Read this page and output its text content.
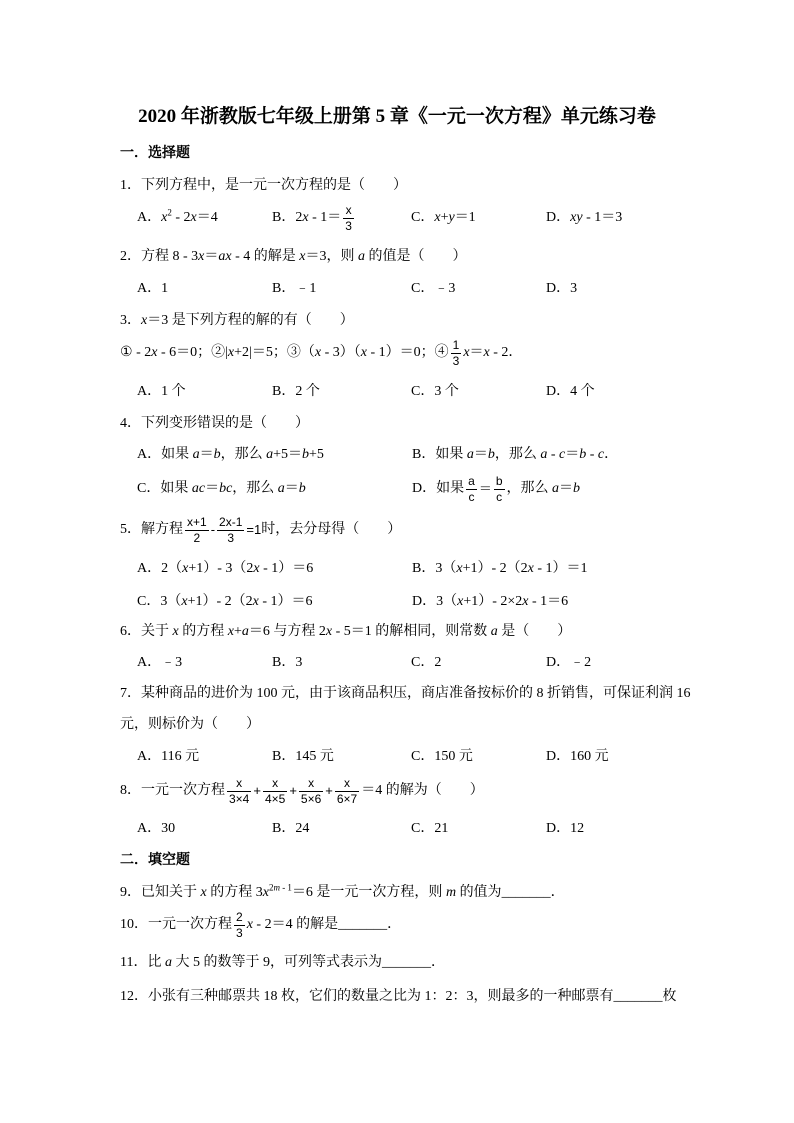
2020 年浙教版七年级上册第 5 章《一元一次方程》单元练习卷
一．选择题
1．下列方程中，是一元一次方程的是（　　）
A． $x^2 - 2$ x ＝4	B．2 $x - 1= \frac{x}{3}$	C． x + y ＝1	D． xy - 1＝3
2．方程 8 - 3 x ＝ ax - 4 的解是 x ＝3，则 a 的值是（　　）
A．1	B．﹣1	C．﹣3	D．3
3． x ＝3 是下列方程的解的有（　　）
① - 2 x - 6＝0；②| x +2|＝5；③（ x - 3）（ x - 1）＝0；④ $\frac{1}{3}$ x ＝ x - 2．
A．1 个	B．2 个	C．3 个	D．4 个
4．下列变形错误的是（　　）
A．如果 a ＝ b ，那么 a +5＝ b +5	B．如果 a ＝ b ，那么 a - c ＝ b - c ．
C．如果 ac ＝ bc ，那么 a ＝ b	D．如果 $\frac{a}{c} = \frac{b}{c}$ ，那么 a ＝ b
5．解方程 $\frac{x+1}{2} - \frac{2x-1}{3} =1$ 时，去分母得（　　）
A．2（ x +1）- 3（2 x - 1）＝6	B．3（ x +1）- 2（2 x - 1）＝1
C．3（ x +1）- 2（2 x - 1）＝6	D．3（ x +1）- 2×2 x - 1＝6
6．关于 x 的方程 x + a ＝6 与方程 2 x - 5＝1 的解相同，则常数 a 是（　　）
A．﹣3	B．3	C．2	D．﹣2
7．某种商品的进价为 100 元，由于该商品积压，商店准备按标价的 8 折销售，可保证利润 16
元，则标价为（　　）
A．116 元	B．145 元	C．150 元	D．160 元
8．一元一次方程 $\frac{x}{3\times 4} + \frac{x}{4\times 5} + \frac{x}{5\times 6} + \frac{x}{6\times 7} =4$ 的解为（　　）
A．30	B．24	C．21	D．12
二．填空题
9．已知关于 x 的方程 3 $x^{2m - 1} =6$ 是一元一次方程，则 m 的值为 _______ ．
10．一元一次方程 $\frac{2}{3}$ x - 2＝4 的解是 _______ ．
11．比 a 大 5 的数等于 9，可列等式表示为 _______ ．
12．小张有三种邮票共 18 枚，它们的数量之比为 1：2：3，则最多的一种邮票有 _______ 枚
